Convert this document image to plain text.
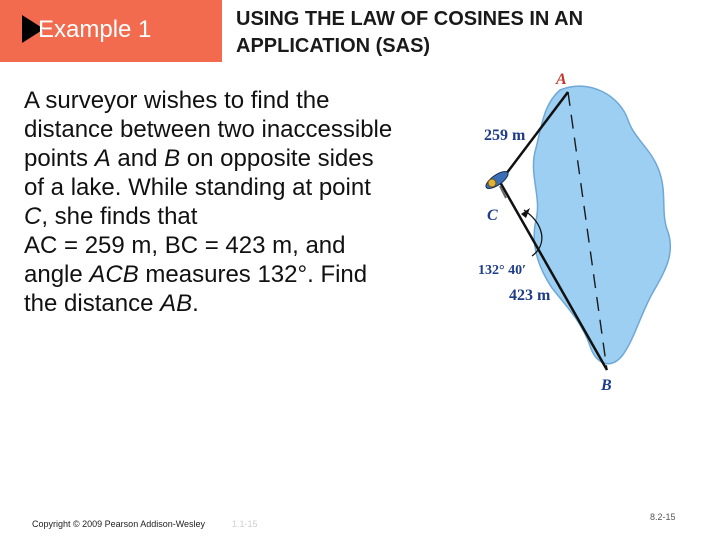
Example 1	USING THE LAW OF COSINES IN AN
APPLICATION (SAS)
A surveyor wishes to find the
distance between two inaccessible
points A and B on opposite sides
of a lake. While standing at point
C, she finds that
AC = 259 m, BC = 423 m, and
angle ACB measures 132°. Find
the distance AB.
A
259 m
C
132° 40′
423 m
B
Copyright © 2009 Pearson Addison-Wesley	1.1-15
8.2-15
